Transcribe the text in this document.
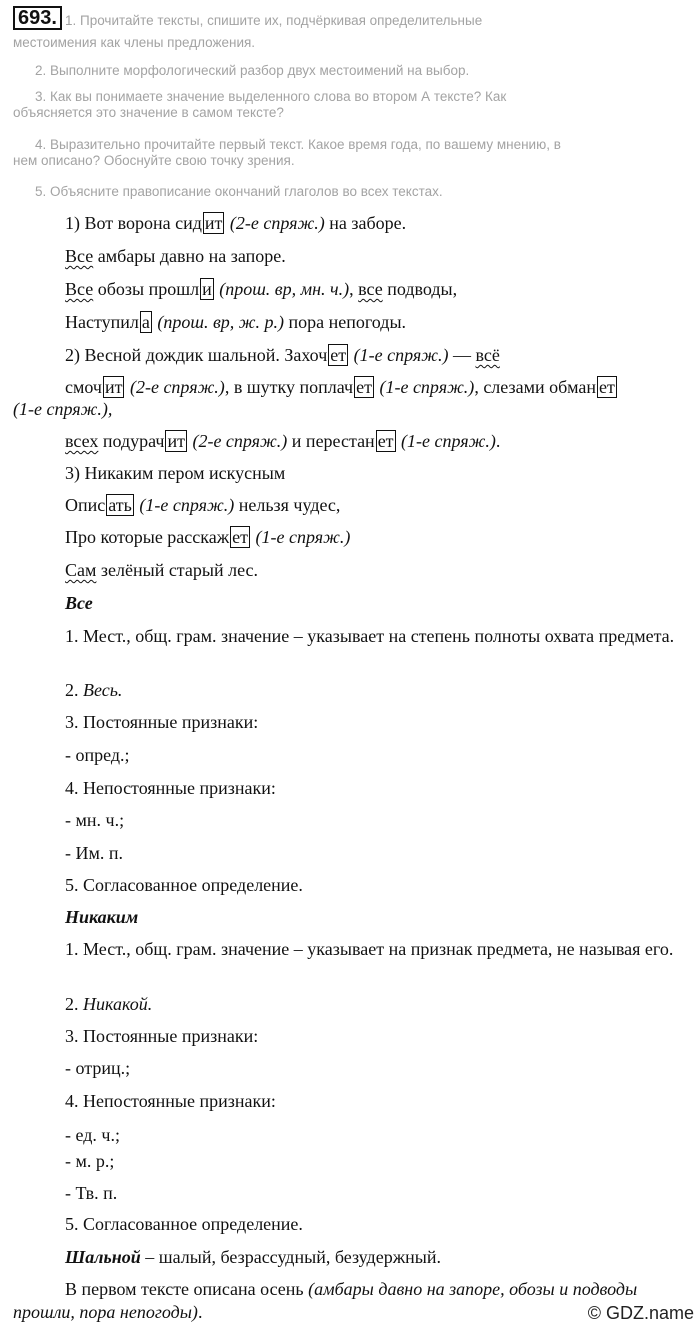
1. Прочитайте тексты, спишите их, подчёркивая определительные
693.
местоимения как члены предложения.
2. Выполните морфологический разбор двух местоимений на выбор.
3. Как вы понимаете значение выделенного слова во втором А тексте? Как
объясняется это значение в самом тексте?
4. Выразительно прочитайте первый текст. Какое время года, по вашему мнению, в
нем описано? Обоснуйте свою точку зрения.
5. Объясните правописание окончаний глаголов во всех текстах.
1) Вот ворона сид ит (2-е спряж.) на заборе.
Все амбары давно на запоре.
Все обозы прошл и (прош. вр, мн. ч.), все подводы,
Наступил а (прош. вр, ж. р.) пора непогоды.
2) Весной дождик шальной. Захоч ет (1-е спряж.) — всё
смоч ит (2-е спряж.), в шутку поплач ет (1-е спряж.), слезами обман ет
(1-е спряж.),
всех подурач ит (2-е спряж.) и перестан ет (1-е спряж.).
3) Никаким пером искусным
Опис ать (1-е спряж.) нельзя чудес,
Про которые расскаж ет (1-е спряж.)
Сам зелёный старый лес.
Все
1. Мест., общ. грам. значение – указывает на степень полноты охвата предмета.
2. Весь.
3. Постоянные признаки:
- опред.;
4. Непостоянные признаки:
- мн. ч.;
- Им. п.
5. Согласованное определение.
Никаким
1. Мест., общ. грам. значение – указывает на признак предмета, не называя его.
2. Никакой.
3. Постоянные признаки:
- отриц.;
4. Непостоянные признаки:
- ед. ч.;
- м. р.;
- Тв. п.
5. Согласованное определение.
Шальной – шалый, безрассудный, безудержный.
В первом тексте описана осень (амбары давно на запоре, обозы и подводы прошли, пора непогоды).	© GDZ.name
